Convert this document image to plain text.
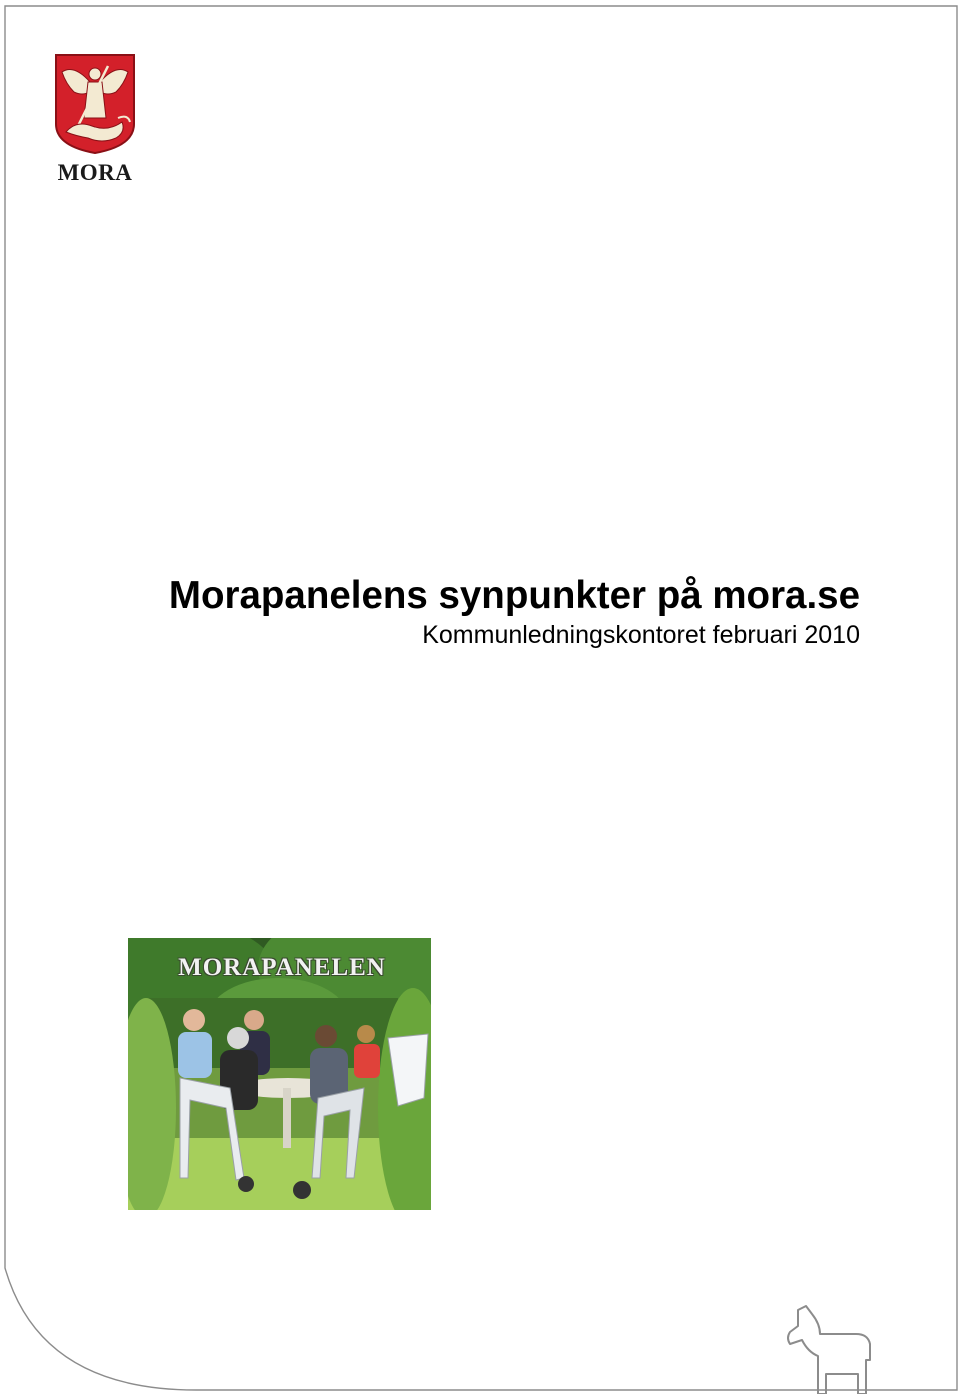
MORA
Morapanelens synpunkter på mora.se

Kommunledningskontoret februari 2010

MORAPANELEN
